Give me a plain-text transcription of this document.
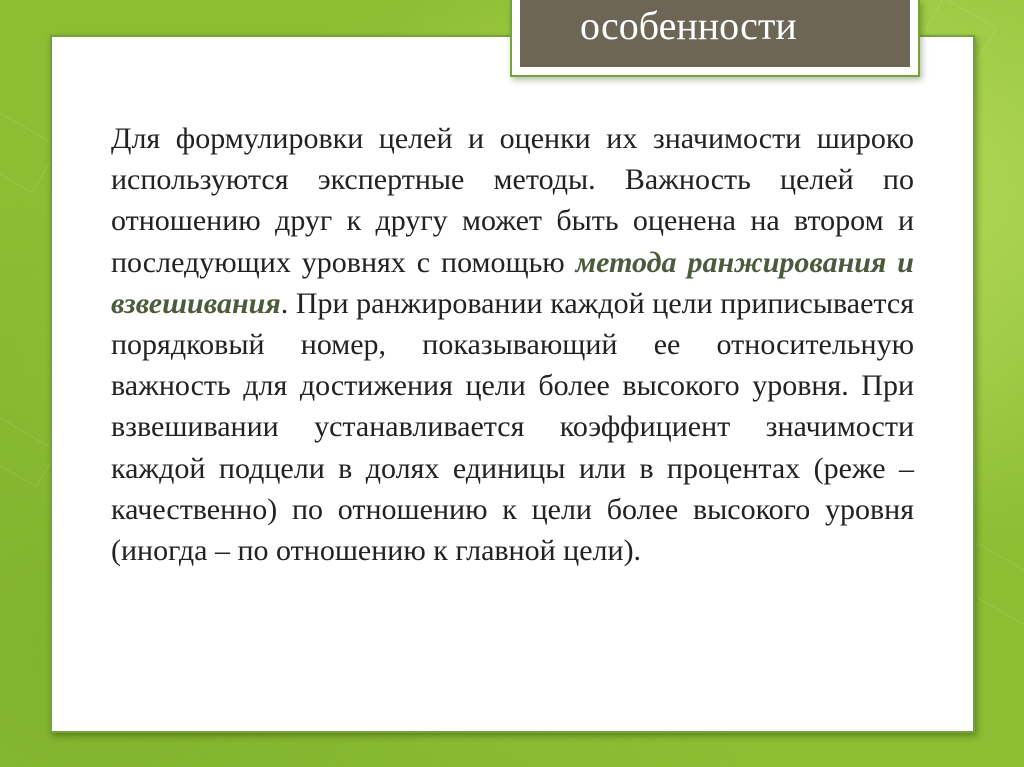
особенности

Для формулировки целей и оценки их значимости широко используются экспертные методы. Важность целей по отношению друг к другу может быть оценена на втором и последующих уровнях с помощью метода ранжирования и взвешивания. При ранжировании каждой цели приписывается порядковый номер, показывающий ее относительную важность для достижения цели более высокого уровня. При взвешивании устанавливается коэффициент значимости каждой подцели в долях единицы или в процентах (реже – качественно) по отношению к цели более высокого уровня (иногда – по отношению к главной цели).
